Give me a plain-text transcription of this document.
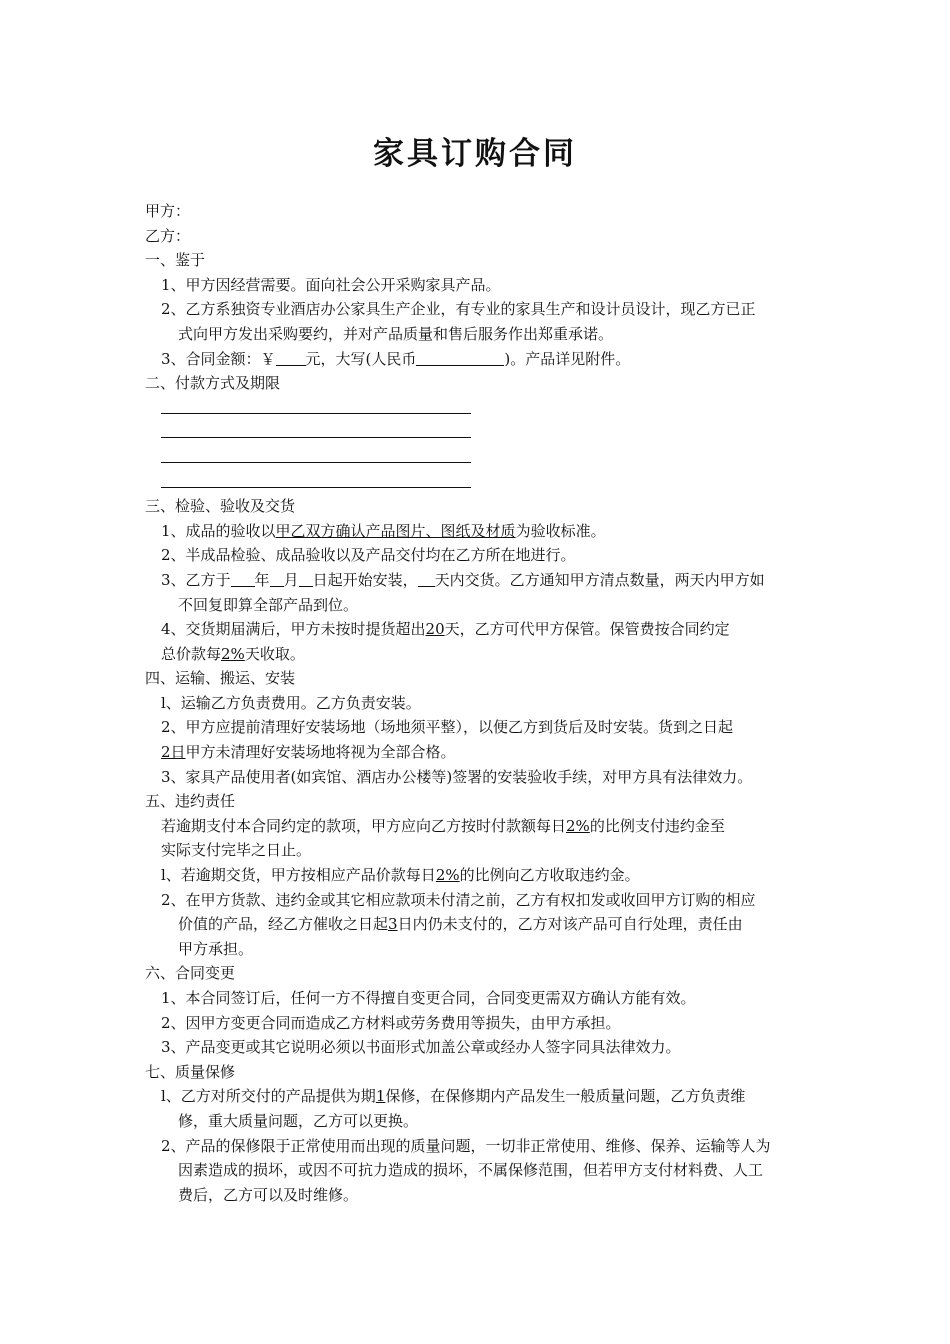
家具订购合同
甲方：
乙方：
一、鉴于
1、甲方因经营需要。面向社会公开采购家具产品。
2、乙方系独资专业酒店办公家具生产企业，有专业的家具生产和设计员设计，现乙方已正
式向甲方发出采购要约，并对产品质量和售后服务作出郑重承诺。
3、合同金额：￥ 元，大写(人民币	)。产品详见附件。
二、付款方式及期限
三、检验、验收及交货
1、成品的验收以甲乙双方确认产品图片、图纸及材质为验收标准。
2、半成品检验、成品验收以及产品交付均在乙方所在地进行。
3、乙方于 年 月 日起开始安装， 天内交货。乙方通知甲方清点数量，两天内甲方如
不回复即算全部产品到位。
4、交货期届满后，甲方未按时提货超出20天，乙方可代甲方保管。保管费按合同约定
总价款每2%天收取。
四、运输、搬运、安装
l、运输乙方负责费用。乙方负责安装。
2、甲方应提前清理好安装场地（场地须平整），以便乙方到货后及时安装。货到之日起
2日甲方未清理好安装场地将视为全部合格。
3、家具产品使用者(如宾馆、酒店办公楼等)签署的安装验收手续，对甲方具有法律效力。
五、违约责任
若逾期支付本合同约定的款项，甲方应向乙方按时付款额每日2%的比例支付违约金至
实际支付完毕之日止。
l、若逾期交货，甲方按相应产品价款每日2%的比例向乙方收取违约金。
2、在甲方货款、违约金或其它相应款项未付清之前，乙方有权扣发或收回甲方订购的相应
价值的产品，经乙方催收之日起3日内仍未支付的，乙方对该产品可自行处理，责任由
甲方承担。
六、合同变更
1、本合同签订后，任何一方不得擅自变更合同，合同变更需双方确认方能有效。
2、因甲方变更合同而造成乙方材料或劳务费用等损失，由甲方承担。
3、产品变更或其它说明必须以书面形式加盖公章或经办人签字同具法律效力。
七、质量保修
l、乙方对所交付的产品提供为期1保修，在保修期内产品发生一般质量问题，乙方负责维
修，重大质量问题，乙方可以更换。
2、产品的保修限于正常使用而出现的质量问题，一切非正常使用、维修、保养、运输等人为
因素造成的损坏，或因不可抗力造成的损坏，不属保修范围，但若甲方支付材料费、人工
费后，乙方可以及时维修。
